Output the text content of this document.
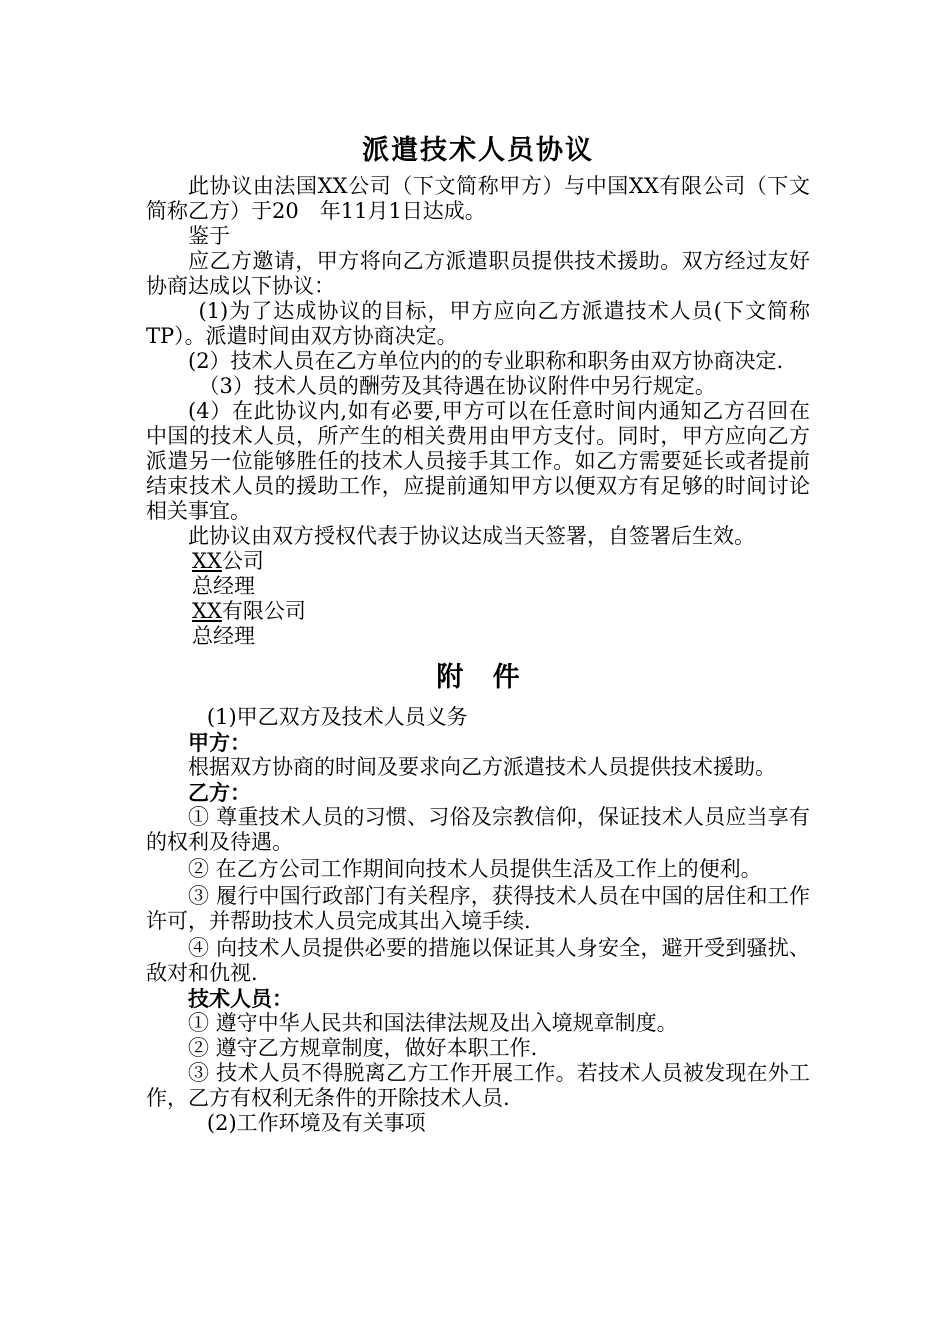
派遣技术人员协议

此协议由法国XX公司（下文简称甲方）与中国XX有限公司（下文简称乙方）于20　年11月1日达成。

鉴于

应乙方邀请，甲方将向乙方派遣职员提供技术援助。双方经过友好协商达成以下协议：

(1)为了达成协议的目标，甲方应向乙方派遣技术人员(下文简称TP）。派遣时间由双方协商决定。

(2）技术人员在乙方单位内的的专业职称和职务由双方协商决定.

（3）技术人员的酬劳及其待遇在协议附件中另行规定。

(4）在此协议内,如有必要,甲方可以在任意时间内通知乙方召回在中国的技术人员，所产生的相关费用由甲方支付。同时，甲方应向乙方派遣另一位能够胜任的技术人员接手其工作。如乙方需要延长或者提前结束技术人员的援助工作，应提前通知甲方以便双方有足够的时间讨论相关事宜。

此协议由双方授权代表于协议达成当天签署，自签署后生效。

XX公司

总经理

XX有限公司

总经理

附 件

(1)甲乙双方及技术人员义务

甲方：

根据双方协商的时间及要求向乙方派遣技术人员提供技术援助。

乙方：

① 尊重技术人员的习惯、习俗及宗教信仰，保证技术人员应当享有的权利及待遇。

② 在乙方公司工作期间向技术人员提供生活及工作上的便利。

③ 履行中国行政部门有关程序，获得技术人员在中国的居住和工作许可，并帮助技术人员完成其出入境手续.

④ 向技术人员提供必要的措施以保证其人身安全，避开受到骚扰、敌对和仇视.

技术人员：

① 遵守中华人民共和国法律法规及出入境规章制度。

② 遵守乙方规章制度，做好本职工作.

③ 技术人员不得脱离乙方工作开展工作。若技术人员被发现在外工作，乙方有权利无条件的开除技术人员.

(2)工作环境及有关事项
